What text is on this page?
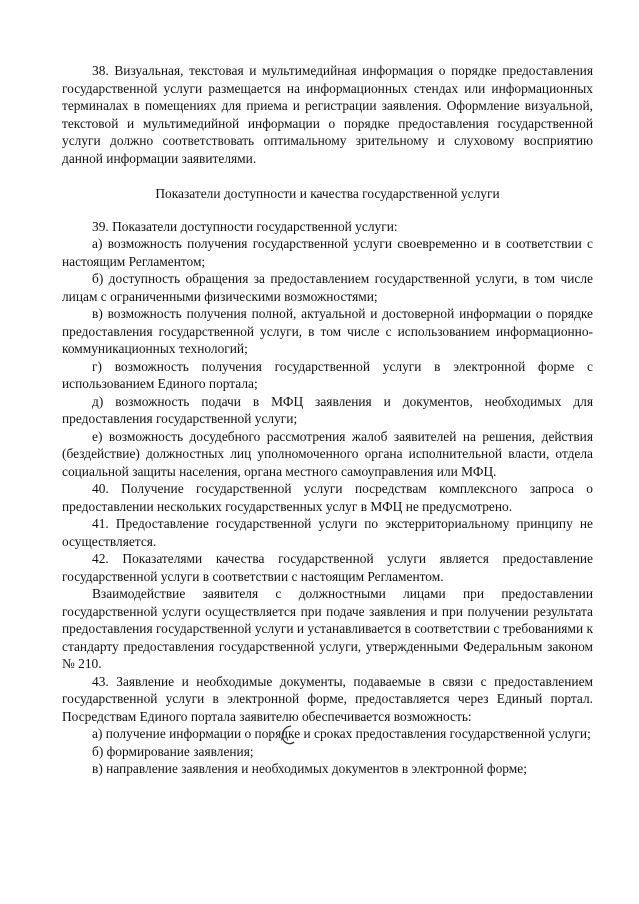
38. Визуальная, текстовая и мультимедийная информация о порядке предоставления государственной услуги размещается на информационных стендах или информационных терминалах в помещениях для приема и регистрации заявления. Оформление визуальной, текстовой и мультимедийной информации о порядке предоставления государственной услуги должно соответствовать оптимальному зрительному и слуховому восприятию данной информации заявителями.

Показатели доступности и качества государственной услуги

39. Показатели доступности государственной услуги:

а) возможность получения государственной услуги своевременно и в соответствии с настоящим Регламентом;

б) доступность обращения за предоставлением государственной услуги, в том числе лицам с ограниченными физическими возможностями;

в) возможность получения полной, актуальной и достоверной информации о порядке предоставления государственной услуги, в том числе с использованием информационно-коммуникационных технологий;

г) возможность получения государственной услуги в электронной форме с использованием Единого портала;

д) возможность подачи в МФЦ заявления и документов, необходимых для предоставления государственной услуги;

е) возможность досудебного рассмотрения жалоб заявителей на решения, действия (бездействие) должностных лиц уполномоченного органа исполнительной власти, отдела социальной защиты населения, органа местного самоуправления или МФЦ.

40. Получение государственной услуги посредствам комплексного запроса о предоставлении нескольких государственных услуг в МФЦ не предусмотрено.

41. Предоставление государственной услуги по экстерриториальному принципу не осуществляется.

42. Показателями качества государственной услуги является предоставление государственной услуги в соответствии с настоящим Регламентом.

Взаимодействие заявителя с должностными лицами при предоставлении государственной услуги осуществляется при подаче заявления и при получении результата предоставления государственной услуги и устанавливается в соответствии с требованиями к стандарту предоставления государственной услуги, утвержденными Федеральным законом № 210.

43. Заявление и необходимые документы, подаваемые в связи с предоставлением государственной услуги в электронной форме, предоставляется через Единый портал. Посредствам Единого портала заявителю обеспечивается возможность:

а) получение информации о порядке и сроках предоставления государственной услуги;

б) формирование заявления;

в) направление заявления и необходимых документов в электронной форме;
